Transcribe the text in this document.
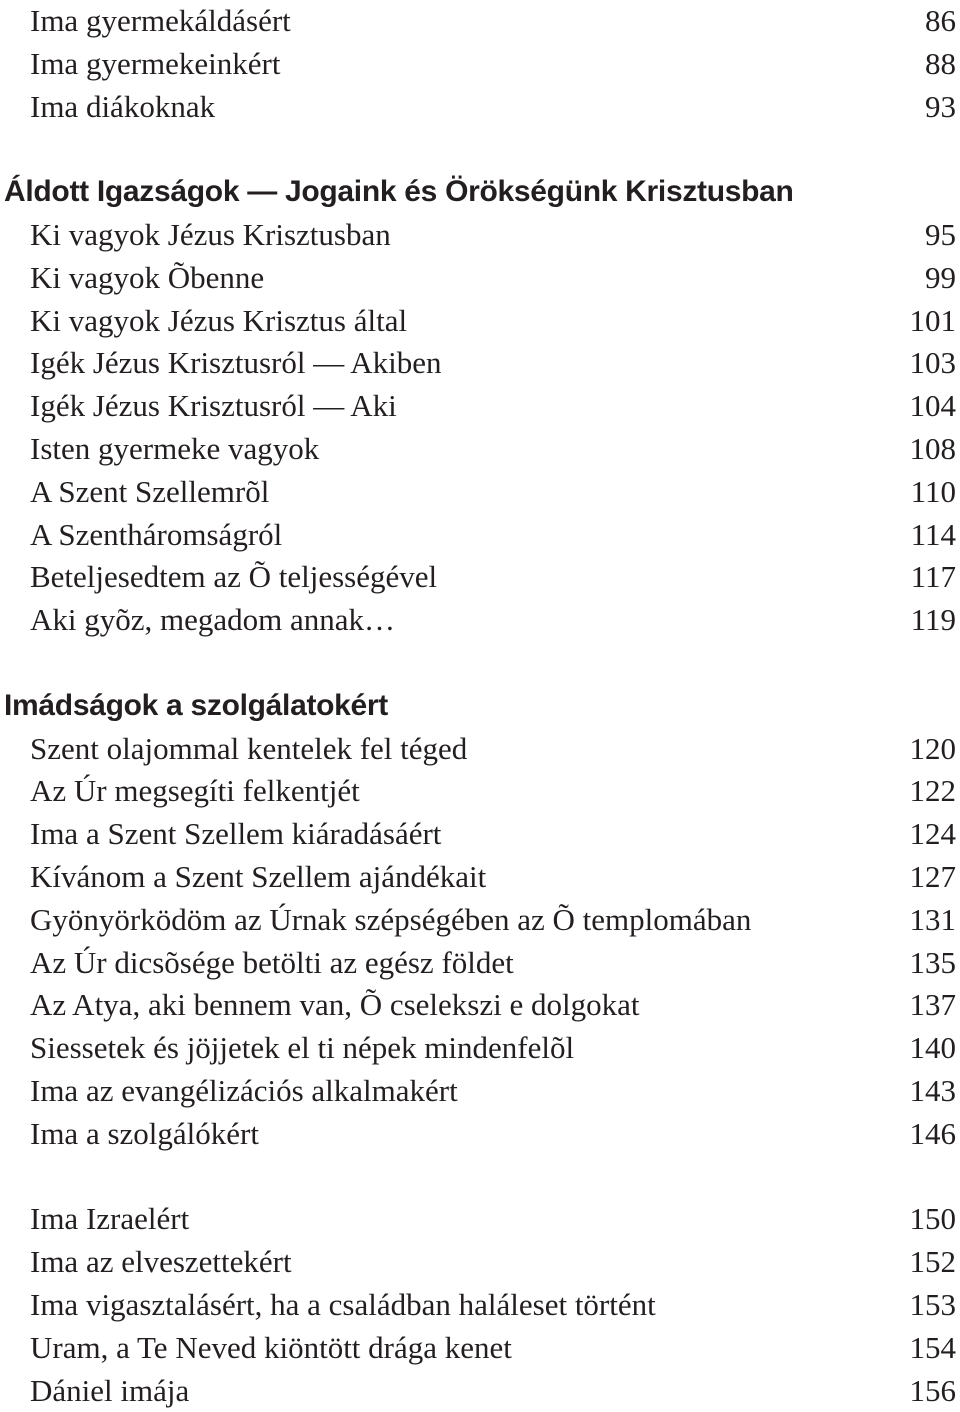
Ima gyermekáldásért	86
Ima gyermekeinkért	88
Ima diákoknak	93
Áldott Igazságok — Jogaink és Örökségünk Krisztusban
Ki vagyok Jézus Krisztusban	95
Ki vagyok Õbenne	99
Ki vagyok Jézus Krisztus által	101
Igék Jézus Krisztusról — Akiben	103
Igék Jézus Krisztusról — Aki	104
Isten gyermeke vagyok	108
A Szent Szellemrõl	110
A Szentháromságról	114
Beteljesedtem az Õ teljességével	117
Aki gyõz, megadom annak…	119
Imádságok a szolgálatokért
Szent olajommal kentelek fel téged	120
Az Úr megsegíti felkentjét	122
Ima a Szent Szellem kiáradásáért	124
Kívánom a Szent Szellem ajándékait	127
Gyönyörködöm az Úrnak szépségében az Õ templomában	131
Az Úr dicsõsége betölti az egész földet	135
Az Atya, aki bennem van, Õ cselekszi e dolgokat	137
Siessetek és jöjjetek el ti népek mindenfelõl	140
Ima az evangélizációs alkalmakért	143
Ima a szolgálókért	146
Ima Izraelért	150
Ima az elveszettekért	152
Ima vigasztalásért, ha a családban haláleset történt	153
Uram, a Te Neved kiöntött drága kenet	154
Dániel imája	156
